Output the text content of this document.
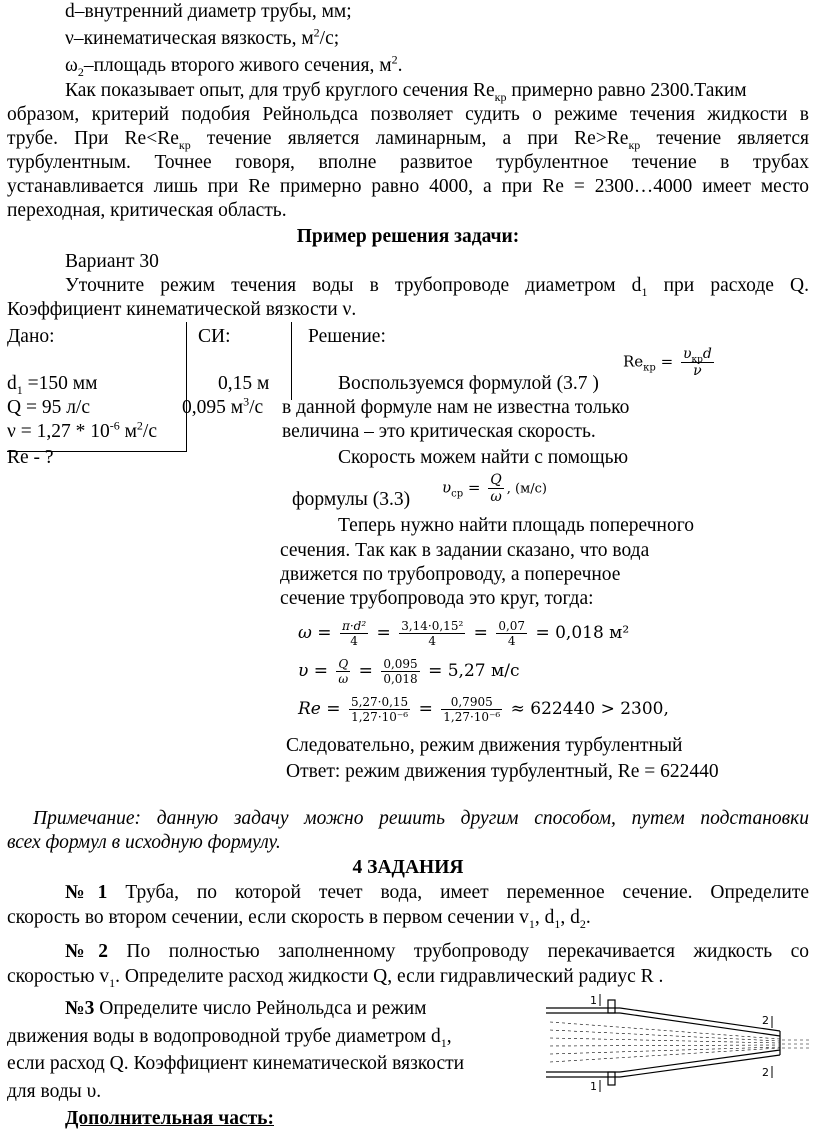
d–внутренний диаметр трубы, мм;
ν–кинематическая вязкость, $м^2/с$;
$\omega_2$–площадь второго живого сечения, $м^2$.
Как показывает опыт, для труб круглого сечения $Re_{кр}$ примерно равно 2300.Таким
образом, критерий подобия Рейнольдса позволяет судить о режиме течения жидкости в
трубе. При $Re<Re_{кр}$ течение является ламинарным, а при $Re>Re_{кр}$ течение является
турбулентным. Точнее говоря, вполне развитое турбулентное течение в трубах
устанавливается лишь при Re примерно равно 4000, а при Re = 2300…4000 имеет место
переходная, критическая область.
Пример решения задачи:
Вариант 30
Уточните режим течения воды в трубопроводе диаметром $d_1$ при расходе Q.
Коэффициент кинематической вязкости ν.
Дано:	СИ:	Решение:
$d_1 =150$ мм
Q = 95 л/с
$\nu = 1,27 * 10^{-6}$ $м^2/с$
Re - ?
0,15 м
0,095 $м^3/с$
Воспользуемся формулой (3.7 )
в данной формуле нам не известна только
величина – это критическая скорость.
Скорость можем найти с помощью
формулы (3.3)
Теперь нужно найти площадь поперечного
сечения. Так как в задании сказано, что вода
движется по трубопроводу, а поперечное
сечение трубопровода это круг, тогда:
$Re_{кр} = \frac{\upsilon_{кр}d}{\nu}$
$\upsilon_{ср} = \frac{Q}{\omega}$ , (м/с)
$\omega = \frac{\text{π·d²}}{4} = \frac{\text{3,14·0,15²}}{4} = \frac{0,07}{4} = 0,018$ м²
$\upsilon = \frac{Q}{\omega} = \frac{0,095}{0,018} = 5,27$ м/с
$Re = \frac{5,27\cdot 0,15}{\text{1,27·10⁻⁶}} = \frac{0,7905}{\text{1,27·10⁻⁶}} \approx 622440 > 2300$,
Следовательно, режим движения турбулентный
Ответ: режим движения турбулентный, Re = 622440
Примечание: данную задачу можно решить другим способом, путем подстановки
всех формул в исходную формулу.
4 ЗАДАНИЯ
№1 Труба, по которой течет вода, имеет переменное сечение. Определите
скорость во втором сечении, если скорость в первом сечении $v_1$, $d_1$, $d_2$.
№2 По полностью заполненному трубопроводу перекачивается жидкость со
скоростью $v_1$. Определите расход жидкости Q, если гидравлический радиус R .
№3 Определите число Рейнольдса и режим
движения воды в водопроводной трубе диаметром $d_1$,
если расход Q. Коэффициент кинематической вязкости
для воды υ.
Дополнительная часть:
1
1
2
2
